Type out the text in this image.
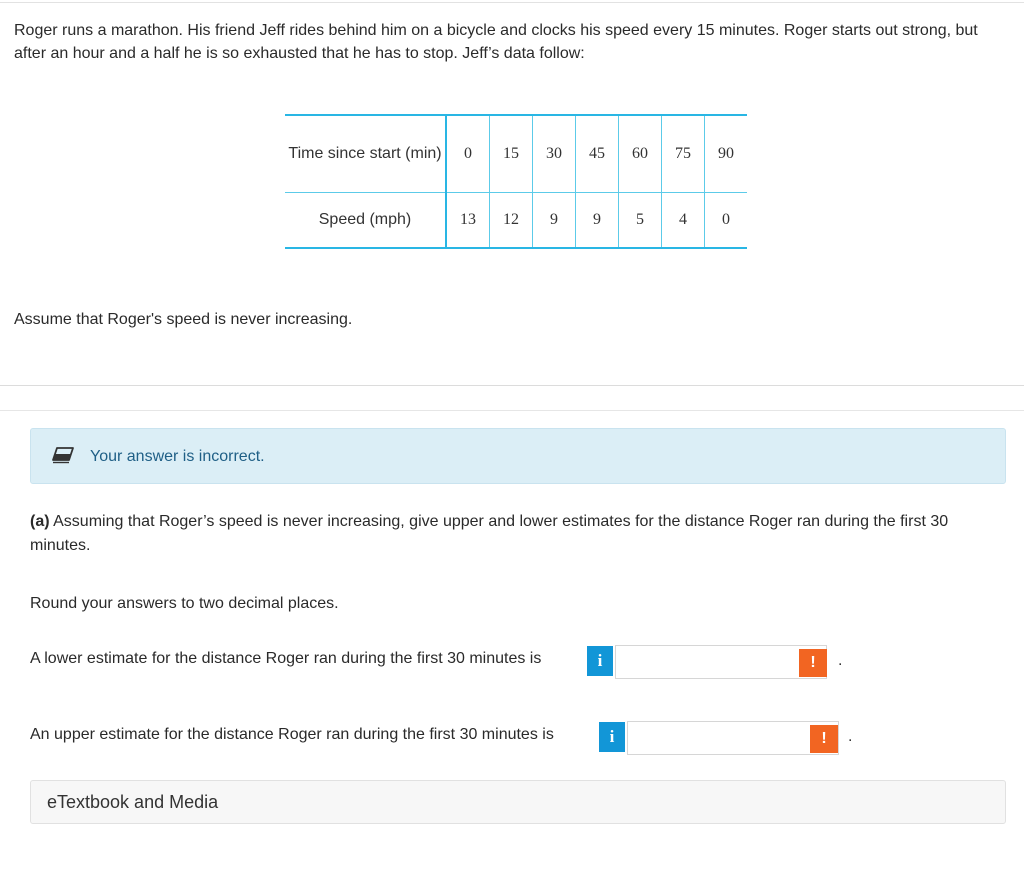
Roger runs a marathon. His friend Jeff rides behind him on a bicycle and clocks his speed every 15 minutes. Roger starts out strong, but after an hour and a half he is so exhausted that he has to stop. Jeff’s data follow:
Time since start (min)	0	15	30	45	60	75	90
Speed (mph)	13	12	9	9	5	4	0
Assume that Roger's speed is never increasing.
Your answer is incorrect.
(a) Assuming that Roger’s speed is never increasing, give upper and lower estimates for the distance Roger ran during the first 30 minutes.
Round your answers to two decimal places.
A lower estimate for the distance Roger ran during the first 30 minutes is	i	!	.
An upper estimate for the distance Roger ran during the first 30 minutes is	i	!	.
eTextbook and Media
